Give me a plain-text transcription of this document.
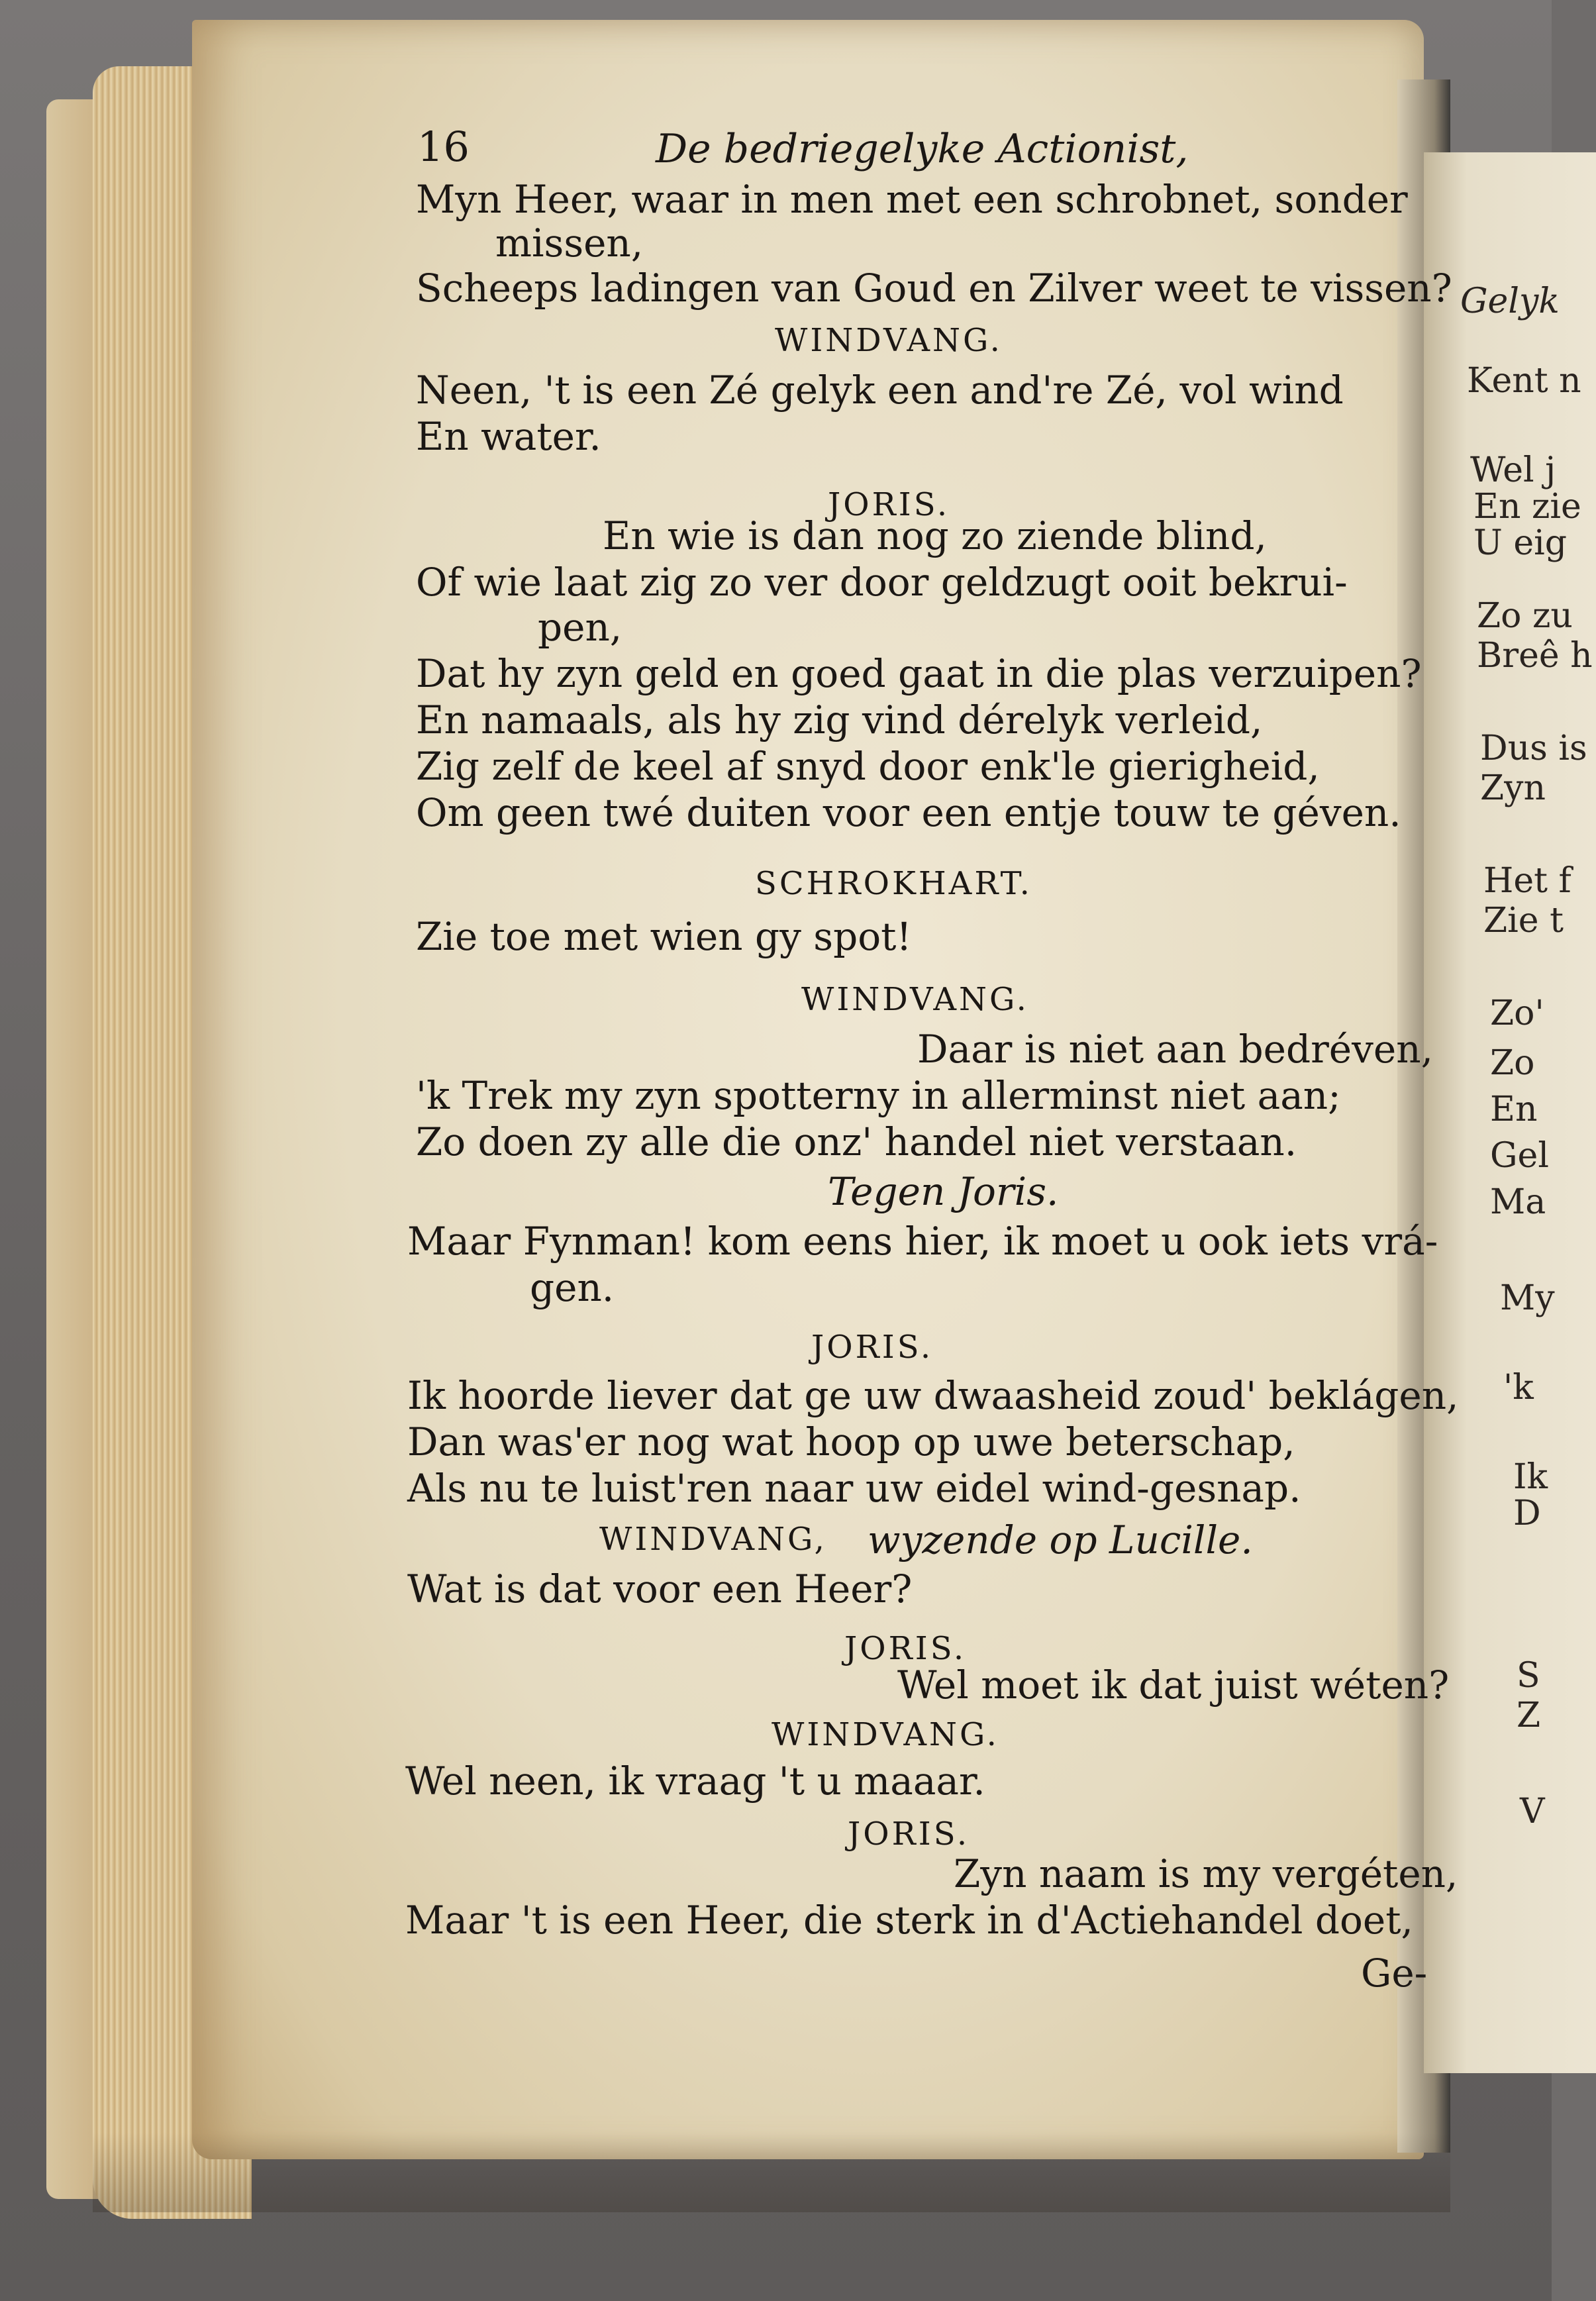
16	De bedriegelyke Actionist,
Myn Heer, waar in men met een schrobnet, sonder
missen,
Scheeps ladingen van Goud en Zilver weet te vissen?
WINDVANG.
Neen, 't is een Zé gelyk een and're Zé, vol wind
En water.
JORIS.
En wie is dan nog zo ziende blind,
Of wie laat zig zo ver door geldzugt ooit bekrui-
pen,
Dat hy zyn geld en goed gaat in die plas verzuipen?
En namaals, als hy zig vind dérelyk verleid,
Zig zelf de keel af snyd door enk'le gierigheid,
Om geen twé duiten voor een entje touw te géven.
SCHROKHART.
Zie toe met wien gy spot!
WINDVANG.
Daar is niet aan bedréven,
'k Trek my zyn spotterny in allerminst niet aan;
Zo doen zy alle die onz' handel niet verstaan.
Tegen Joris.
Maar Fynman! kom eens hier, ik moet u ook iets vrá-
gen.
JORIS.
Ik hoorde liever dat ge uw dwaasheid zoud' beklágen,
Dan was'er nog wat hoop op uwe beterschap,
Als nu te luist'ren naar uw eidel wind-gesnap.
WINDVANG, wyzende op Lucille.
Wat is dat voor een Heer?
JORIS.
Wel moet ik dat juist wéten?
WINDVANG.
Wel neen, ik vraag 't u maaar.
JORIS.
Zyn naam is my vergéten,
Maar 't is een Heer, die sterk in d'Actiehandel doet,
Ge-
Gelyk
Kent n
Wel j
En zie
U eig
Zo zu
Breê h
Dus is
Zyn
Het f
Zie t
Zo'
Zo
En
Gel
Ma
My
'k
Ik
D
S
Z
V
